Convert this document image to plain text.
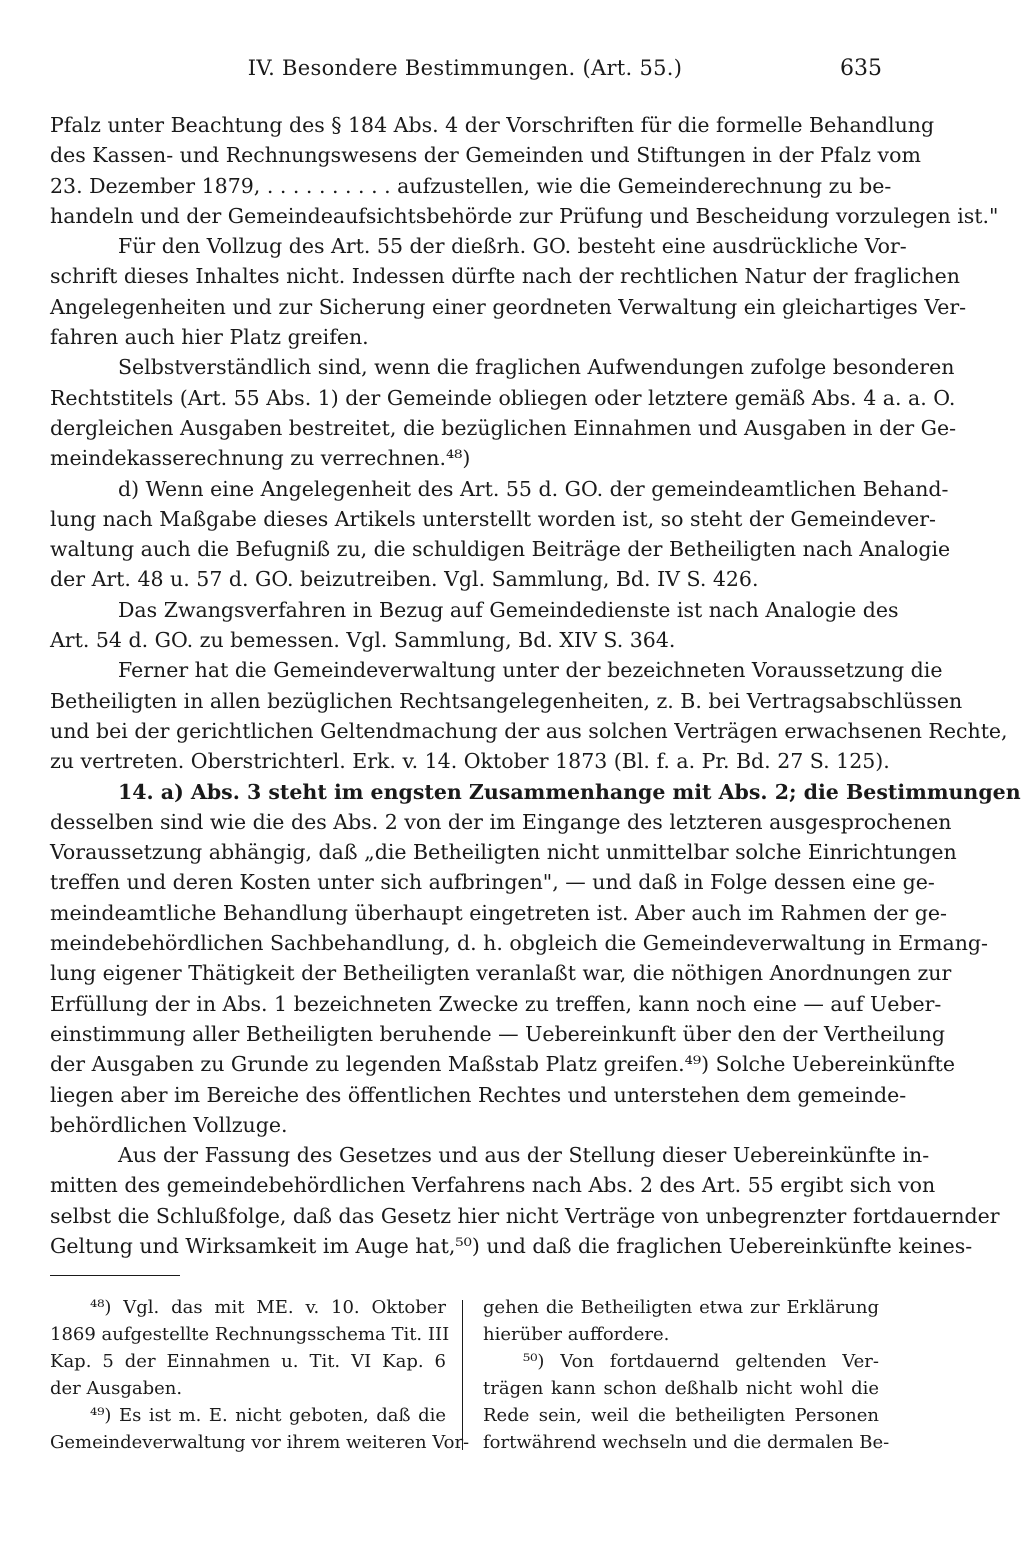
IV. Besondere Bestimmungen. (Art. 55.)	635
Pfalz unter Beachtung des § 184 Abs. 4 der Vorschriften für die formelle Behandlung
des Kassen- und Rechnungswesens der Gemeinden und Stiftungen in der Pfalz vom
23. Dezember 1879, . . . . . . . . . . aufzustellen, wie die Gemeinderechnung zu be-
handeln und der Gemeindeaufsichtsbehörde zur Prüfung und Bescheidung vorzulegen ist."
Für den Vollzug des Art. 55 der dießrh. GO. besteht eine ausdrückliche Vor-
schrift dieses Inhaltes nicht. Indessen dürfte nach der rechtlichen Natur der fraglichen
Angelegenheiten und zur Sicherung einer geordneten Verwaltung ein gleichartiges Ver-
fahren auch hier Platz greifen.
Selbstverständlich sind, wenn die fraglichen Aufwendungen zufolge besonderen
Rechtstitels (Art. 55 Abs. 1) der Gemeinde obliegen oder letztere gemäß Abs. 4 a. a. O.
dergleichen Ausgaben bestreitet, die bezüglichen Einnahmen und Ausgaben in der Ge-
meindekasserechnung zu verrechnen.⁴⁸)
d) Wenn eine Angelegenheit des Art. 55 d. GO. der gemeindeamtlichen Behand-
lung nach Maßgabe dieses Artikels unterstellt worden ist, so steht der Gemeindever-
waltung auch die Befugniß zu, die schuldigen Beiträge der Betheiligten nach Analogie
der Art. 48 u. 57 d. GO. beizutreiben. Vgl. Sammlung, Bd. IV S. 426.
Das Zwangsverfahren in Bezug auf Gemeindedienste ist nach Analogie des
Art. 54 d. GO. zu bemessen. Vgl. Sammlung, Bd. XIV S. 364.
Ferner hat die Gemeindeverwaltung unter der bezeichneten Voraussetzung die
Betheiligten in allen bezüglichen Rechtsangelegenheiten, z. B. bei Vertragsabschlüssen
und bei der gerichtlichen Geltendmachung der aus solchen Verträgen erwachsenen Rechte,
zu vertreten. Oberstrichterl. Erk. v. 14. Oktober 1873 (Bl. f. a. Pr. Bd. 27 S. 125).
14. a) Abs. 3 steht im engsten Zusammenhange mit Abs. 2; die Bestimmungen
desselben sind wie die des Abs. 2 von der im Eingange des letzteren ausgesprochenen
Voraussetzung abhängig, daß „die Betheiligten nicht unmittelbar solche Einrichtungen
treffen und deren Kosten unter sich aufbringen", — und daß in Folge dessen eine ge-
meindeamtliche Behandlung überhaupt eingetreten ist. Aber auch im Rahmen der ge-
meindebehördlichen Sachbehandlung, d. h. obgleich die Gemeindeverwaltung in Ermang-
lung eigener Thätigkeit der Betheiligten veranlaßt war, die nöthigen Anordnungen zur
Erfüllung der in Abs. 1 bezeichneten Zwecke zu treffen, kann noch eine — auf Ueber-
einstimmung aller Betheiligten beruhende — Uebereinkunft über den der Vertheilung
der Ausgaben zu Grunde zu legenden Maßstab Platz greifen.⁴⁹) Solche Uebereinkünfte
liegen aber im Bereiche des öffentlichen Rechtes und unterstehen dem gemeinde-
behördlichen Vollzuge.
Aus der Fassung des Gesetzes und aus der Stellung dieser Uebereinkünfte in-
mitten des gemeindebehördlichen Verfahrens nach Abs. 2 des Art. 55 ergibt sich von
selbst die Schlußfolge, daß das Gesetz hier nicht Verträge von unbegrenzter fortdauernder
Geltung und Wirksamkeit im Auge hat,⁵⁰) und daß die fraglichen Uebereinkünfte keines-
⁴⁸) Vgl. das mit ME. v. 10. Oktober
1869 aufgestellte Rechnungsschema Tit. III
Kap. 5 der Einnahmen u. Tit. VI Kap. 6
der Ausgaben.
⁴⁹) Es ist m. E. nicht geboten, daß die
Gemeindeverwaltung vor ihrem weiteren Vor-
gehen die Betheiligten etwa zur Erklärung
hierüber auffordere.
⁵⁰) Von fortdauernd geltenden Ver-
trägen kann schon deßhalb nicht wohl die
Rede sein, weil die betheiligten Personen
fortwährend wechseln und die dermalen Be-
